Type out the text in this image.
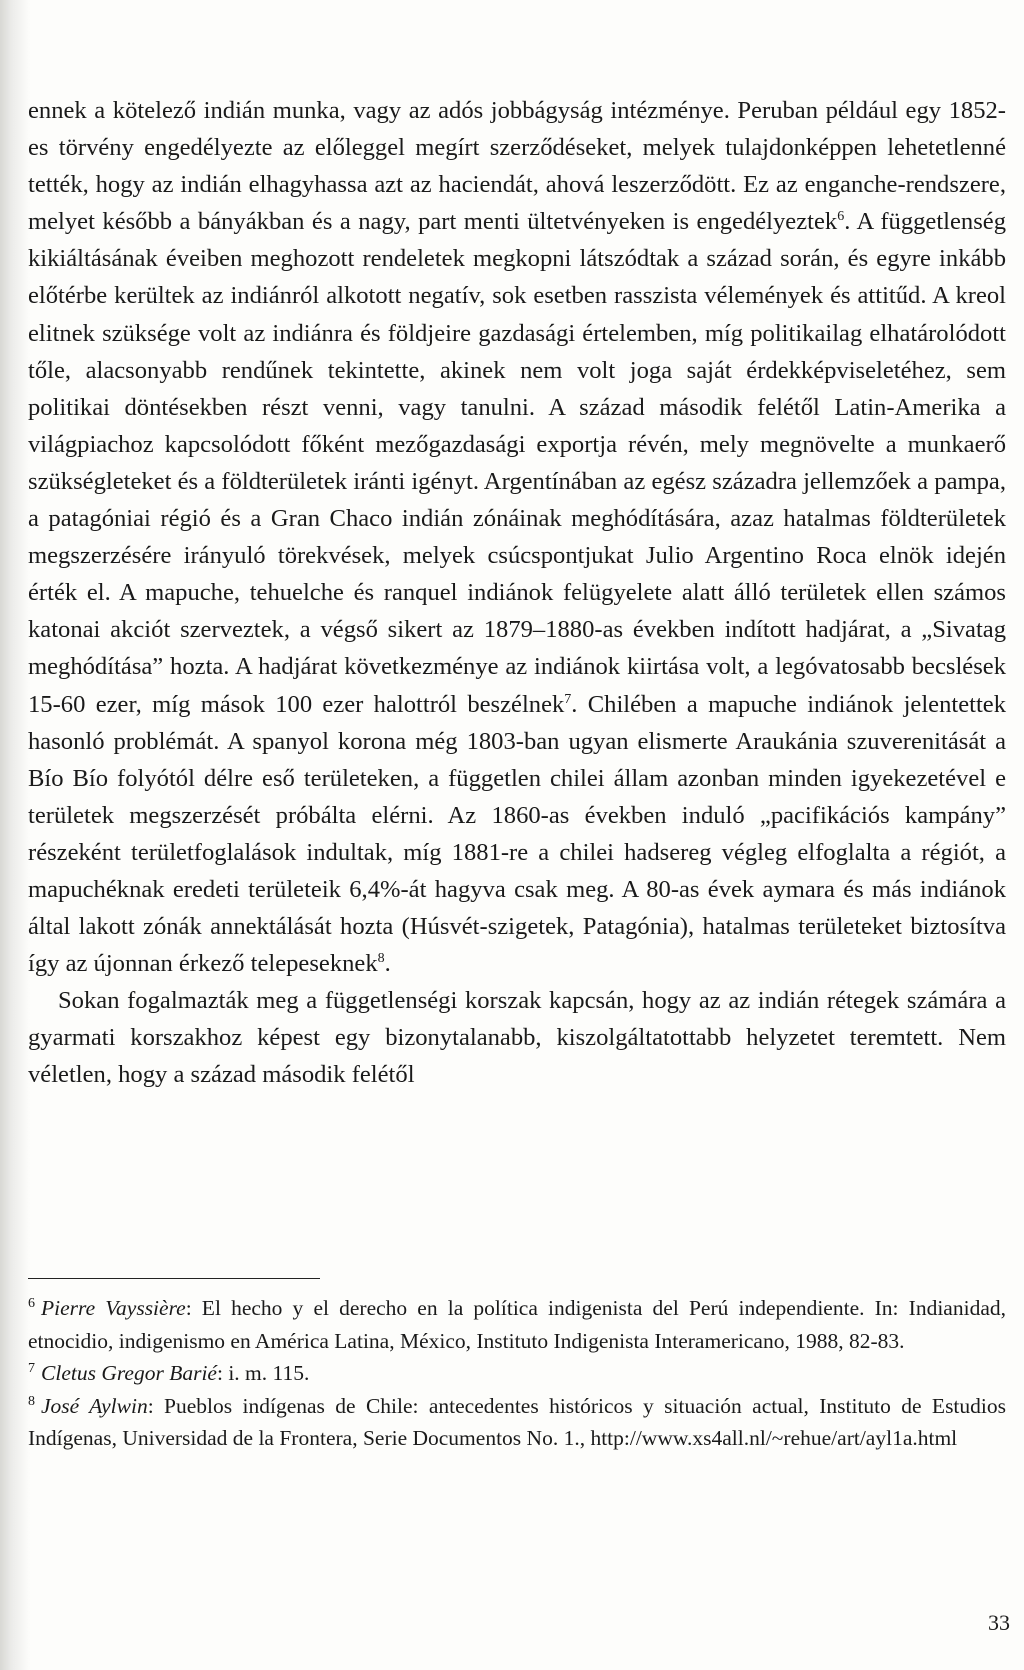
ennek a kötelező indián munka, vagy az adós jobbágyság intézménye. Peruban például egy 1852-es törvény engedélyezte az előleggel megírt szerződéseket, melyek tulajdonképpen lehetetlenné tették, hogy az indián elhagyhassa azt az haciendát, ahová leszerződött. Ez az enganche-rendszere, melyet később a bányákban és a nagy, part menti ültetvényeken is engedélyeztek$^6$. A függetlenség kikiáltásának éveiben meghozott rendeletek megkopni látszódtak a század során, és egyre inkább előtérbe kerültek az indiánról alkotott negatív, sok esetben rasszista vélemények és attitűd. A kreol elitnek szüksége volt az indiánra és földjeire gazdasági értelemben, míg politikailag elhatárolódott tőle, alacsonyabb rendűnek tekintette, akinek nem volt joga saját érdekképviseletéhez, sem politikai döntésekben részt venni, vagy tanulni. A század második felétől Latin-Amerika a világpiachoz kapcsolódott főként mezőgazdasági exportja révén, mely megnövelte a munkaerő szükségleteket és a földterületek iránti igényt. Argentínában az egész századra jellemzőek a pampa, a patagóniai régió és a Gran Chaco indián zónáinak meghódítására, azaz hatalmas földterületek megszerzésére irányuló törekvések, melyek csúcspontjukat Julio Argentino Roca elnök idején érték el. A mapuche, tehuelche és ranquel indiánok felügyelete alatt álló területek ellen számos katonai akciót szerveztek, a végső sikert az 1879–1880-as években indított hadjárat, a „Sivatag meghódítása” hozta. A hadjárat következménye az indiánok kiirtása volt, a legóvatosabb becslések 15-60 ezer, míg mások 100 ezer halottról beszélnek$^7$. Chilében a mapuche indiánok jelentettek hasonló problémát. A spanyol korona még 1803-ban ugyan elismerte Araukánia szuverenitását a Bío Bío folyótól délre eső területeken, a független chilei állam azonban minden igyekezetével e területek megszerzését próbálta elérni. Az 1860-as években induló „pacifikációs kampány” részeként területfoglalások indultak, míg 1881-re a chilei hadsereg végleg elfoglalta a régiót, a mapuchéknak eredeti területeik 6,4%-át hagyva csak meg. A 80-as évek aymara és más indiánok által lakott zónák annektálását hozta (Húsvét-szigetek, Patagónia), hatalmas területeket biztosítva így az újonnan érkező telepeseknek$^8$.

Sokan fogalmazták meg a függetlenségi korszak kapcsán, hogy az az indián rétegek számára a gyarmati korszakhoz képest egy bizonytalanabb, kiszolgáltatottabb helyzetet teremtett. Nem véletlen, hogy a század második felétől

$^6$ Pierre Vayssière: El hecho y el derecho en la política indigenista del Perú independiente. In: Indianidad, etnocidio, indigenismo en América Latina, México, Instituto Indigenista Interamericano, 1988, 82-83.

$^7$ Cletus Gregor Barié: i. m. 115.

$^8$ José Aylwin: Pueblos indígenas de Chile: antecedentes históricos y situación actual, Instituto de Estudios Indígenas, Universidad de la Frontera, Serie Documentos No. 1., http://www.xs4all.nl/~rehue/art/ayl1a.html

33
